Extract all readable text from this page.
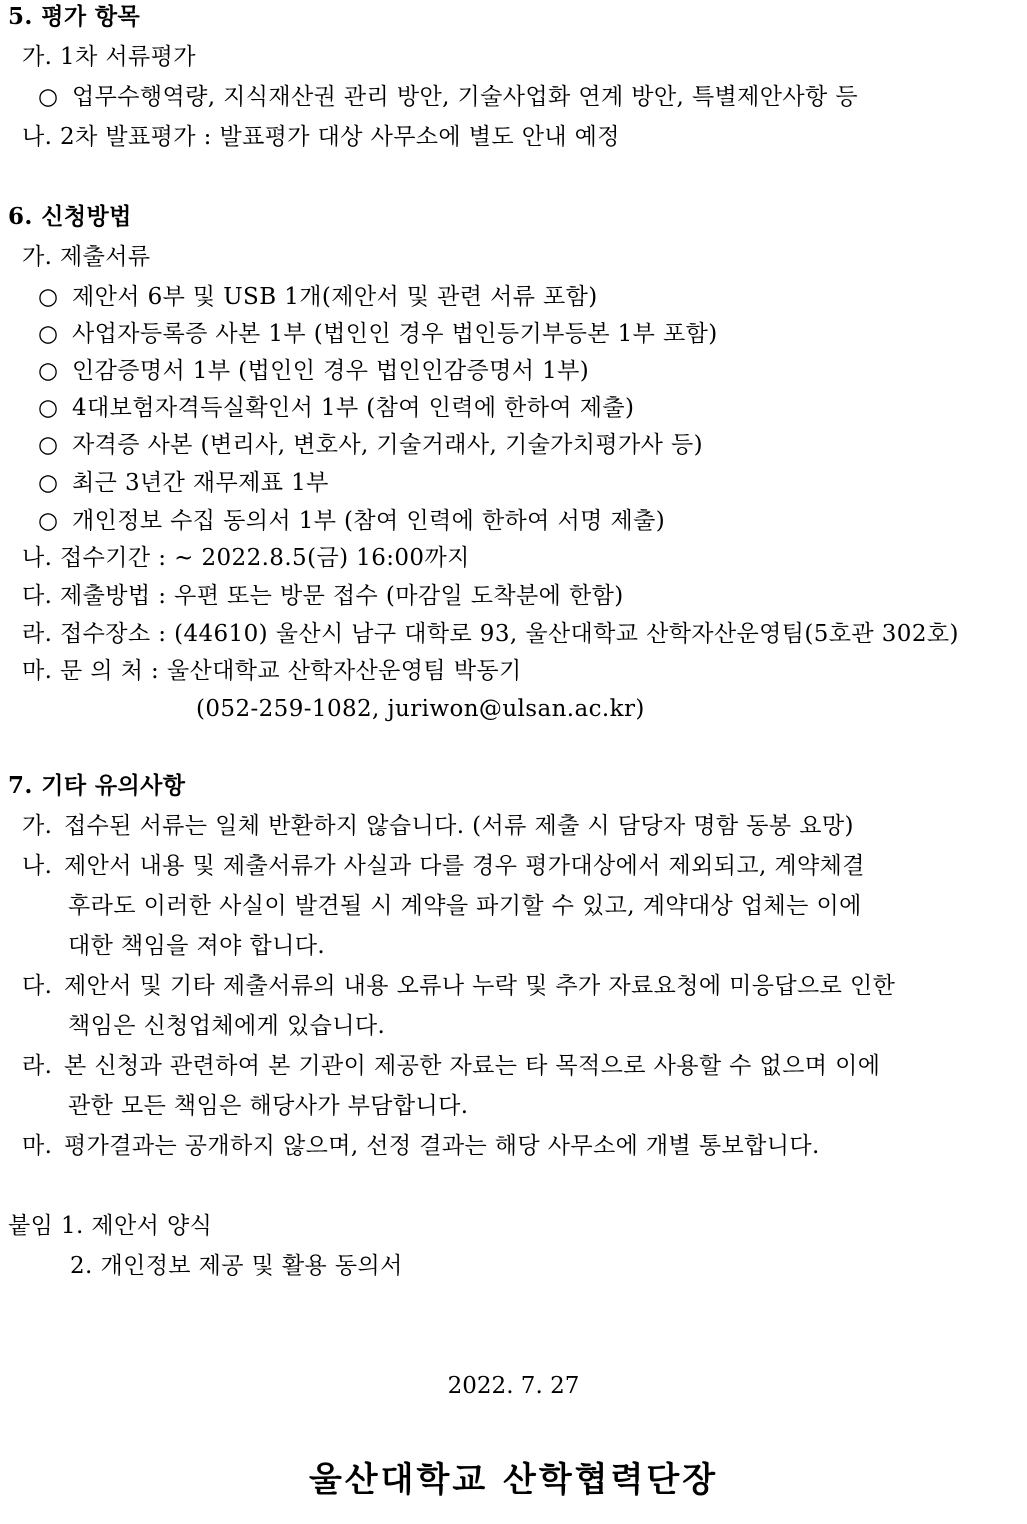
5. 평가 항목
가. 1차 서류평가
○ 업무수행역량, 지식재산권 관리 방안, 기술사업화 연계 방안, 특별제안사항 등
나. 2차 발표평가 : 발표평가 대상 사무소에 별도 안내 예정
6. 신청방법
가. 제출서류
○ 제안서 6부 및 USB 1개(제안서 및 관련 서류 포함)
○ 사업자등록증 사본 1부 (법인인 경우 법인등기부등본 1부 포함)
○ 인감증명서 1부 (법인인 경우 법인인감증명서 1부)
○ 4대보험자격득실확인서 1부 (참여 인력에 한하여 제출)
○ 자격증 사본 (변리사, 변호사, 기술거래사, 기술가치평가사 등)
○ 최근 3년간 재무제표 1부
○ 개인정보 수집 동의서 1부 (참여 인력에 한하여 서명 제출)
나. 접수기간 : ~ 2022.8.5(금) 16:00까지
다. 제출방법 : 우편 또는 방문 접수 (마감일 도착분에 한함)
라. 접수장소 : (44610) 울산시 남구 대학로 93, 울산대학교 산학자산운영팀(5호관 302호)
마. 문 의 처 : 울산대학교 산학자산운영팀 박동기
(052-259-1082, juriwon@ulsan.ac.kr)
7. 기타 유의사항
가. 접수된 서류는 일체 반환하지 않습니다. (서류 제출 시 담당자 명함 동봉 요망)
나. 제안서 내용 및 제출서류가 사실과 다를 경우 평가대상에서 제외되고, 계약체결
후라도 이러한 사실이 발견될 시 계약을 파기할 수 있고, 계약대상 업체는 이에
대한 책임을 져야 합니다.
다. 제안서 및 기타 제출서류의 내용 오류나 누락 및 추가 자료요청에 미응답으로 인한
책임은 신청업체에게 있습니다.
라. 본 신청과 관련하여 본 기관이 제공한 자료는 타 목적으로 사용할 수 없으며 이에
관한 모든 책임은 해당사가 부담합니다.
마. 평가결과는 공개하지 않으며, 선정 결과는 해당 사무소에 개별 통보합니다.
붙임 1. 제안서 양식
2. 개인정보 제공 및 활용 동의서
2022. 7. 27
울산대학교 산학협력단장
